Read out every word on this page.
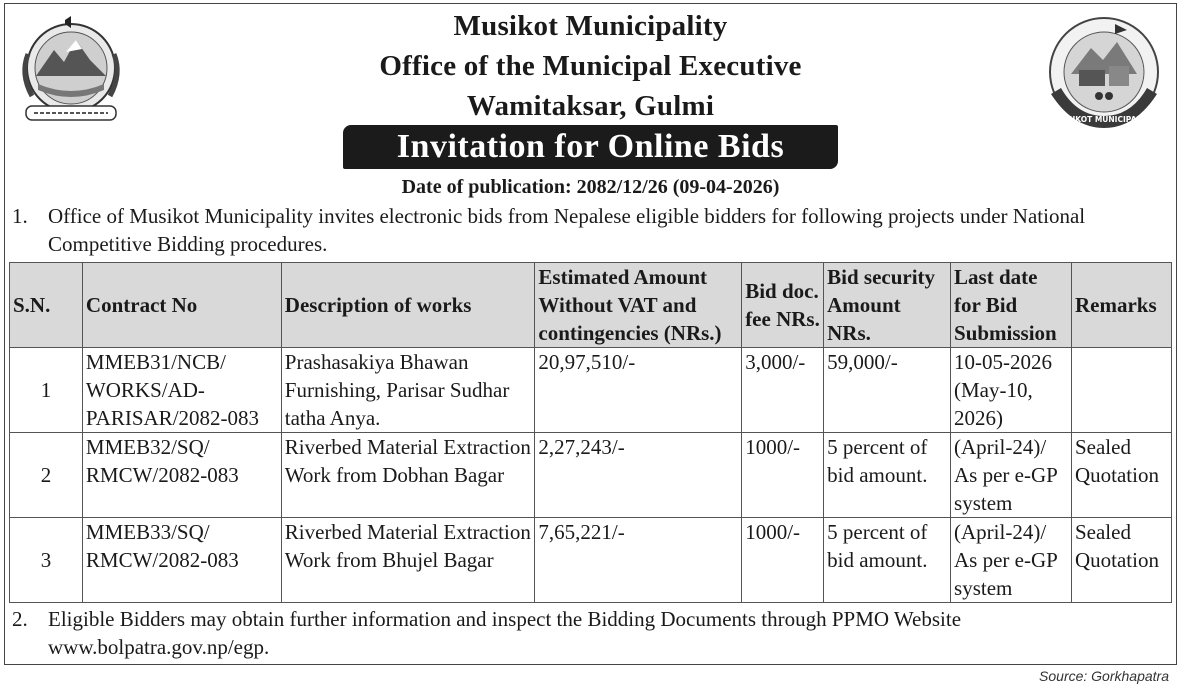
MUSIKOT MUNICIPALITY
Musikot Municipality
Office of the Municipal Executive
Wamitaksar, Gulmi
Invitation for Online Bids
Date of publication: 2082/12/26 (09-04-2026)
1. Office of Musikot Municipality invites electronic bids from Nepalese eligible bidders for following projects under National Competitive Bidding procedures.
S.N.	Contract No	Description of works	Estimated Amount Without VAT and contingencies (NRs.)	Bid doc. fee NRs.	Bid security Amount NRs.	Last date for Bid Submission	Remarks
1	MMEB31/NCB/ WORKS/AD-PARISAR/2082-083	Prashasakiya Bhawan Furnishing, Parisar Sudhar tatha Anya.	20,97,510/-	3,000/-	59,000/-	10-05-2026 (May-10, 2026)	
2	MMEB32/SQ/ RMCW/2082-083	Riverbed Material Extraction Work from Dobhan Bagar	2,27,243/-	1000/-	5 percent of bid amount.	(April-24)/ As per e-GP system	Sealed Quotation
3	MMEB33/SQ/ RMCW/2082-083	Riverbed Material Extraction Work from Bhujel Bagar	7,65,221/-	1000/-	5 percent of bid amount.	(April-24)/ As per e-GP system	Sealed Quotation
2. Eligible Bidders may obtain further information and inspect the Bidding Documents through PPMO Website www.bolpatra.gov.np/egp.
Source: Gorkhapatra
